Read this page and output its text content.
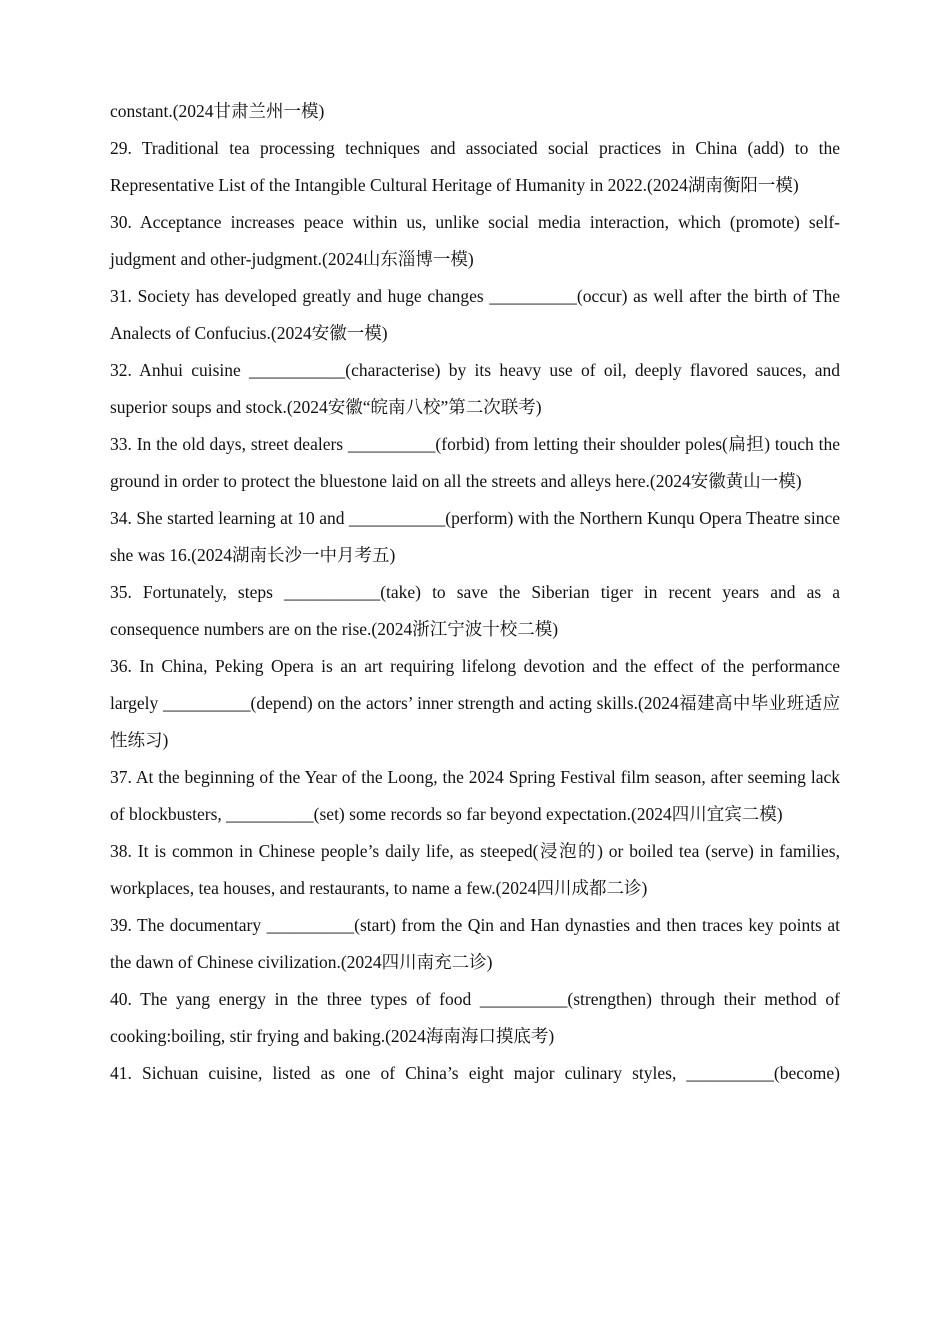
constant.(2024甘肃兰州一模)

29. Traditional tea processing techniques and associated social practices in China (add) to the Representative List of the Intangible Cultural Heritage of Humanity in 2022.(2024湖南衡阳一模)

30. Acceptance increases peace within us, unlike social media interaction, which (promote) self-judgment and other-judgment.(2024山东淄博一模)

31. Society has developed greatly and huge changes __________(occur) as well after the birth of The Analects of Confucius.(2024安徽一模)

32. Anhui cuisine ___________(characterise) by its heavy use of oil, deeply flavored sauces, and superior soups and stock.(2024安徽“皖南八校”第二次联考)

33. In the old days, street dealers __________(forbid) from letting their shoulder poles(扁担) touch the ground in order to protect the bluestone laid on all the streets and alleys here.(2024安徽黄山一模)

34. She started learning at 10 and ___________(perform) with the Northern Kunqu Opera Theatre since she was 16.(2024湖南长沙一中月考五)

35. Fortunately, steps ___________(take) to save the Siberian tiger in recent years and as a consequence numbers are on the rise.(2024浙江宁波十校二模)

36. In China, Peking Opera is an art requiring lifelong devotion and the effect of the performance largely __________(depend) on the actors’ inner strength and acting skills.(2024福建高中毕业班适应性练习)

37. At the beginning of the Year of the Loong, the 2024 Spring Festival film season, after seeming lack of blockbusters, __________(set) some records so far beyond expectation.(2024四川宜宾二模)

38. It is common in Chinese people’s daily life, as steeped(浸泡的) or boiled tea (serve) in families, workplaces, tea houses, and restaurants, to name a few.(2024四川成都二诊)

39. The documentary __________(start) from the Qin and Han dynasties and then traces key points at the dawn of Chinese civilization.(2024四川南充二诊)

40. The yang energy in the three types of food __________(strengthen) through their method of cooking:boiling, stir frying and baking.(2024海南海口摸底考)

41. Sichuan cuisine, listed as one of China’s eight major culinary styles, __________(become)
